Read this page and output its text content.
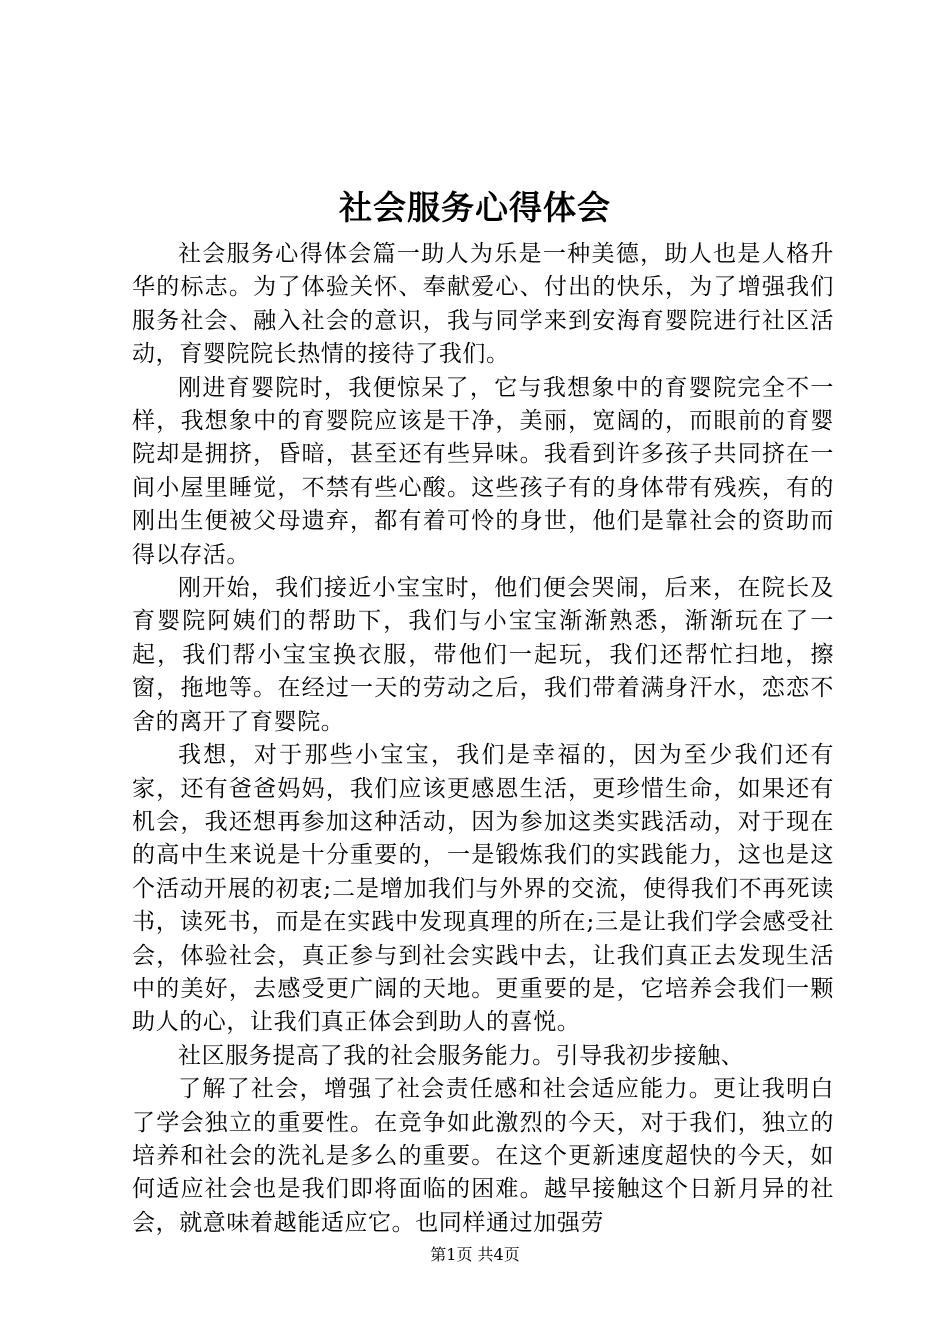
社会服务心得体会

社会服务心得体会篇一助人为乐是一种美德，助人也是人格升华的标志。为了体验关怀、奉献爱心、付出的快乐，为了增强我们服务社会、融入社会的意识，我与同学来到安海育婴院进行社区活动，育婴院院长热情的接待了我们。

刚进育婴院时，我便惊呆了，它与我想象中的育婴院完全不一样，我想象中的育婴院应该是干净，美丽，宽阔的，而眼前的育婴院却是拥挤，昏暗，甚至还有些异味。我看到许多孩子共同挤在一间小屋里睡觉，不禁有些心酸。这些孩子有的身体带有残疾，有的刚出生便被父母遗弃，都有着可怜的身世，他们是靠社会的资助而得以存活。

刚开始，我们接近小宝宝时，他们便会哭闹，后来，在院长及育婴院阿姨们的帮助下，我们与小宝宝渐渐熟悉，渐渐玩在了一起，我们帮小宝宝换衣服，带他们一起玩，我们还帮忙扫地，擦窗，拖地等。在经过一天的劳动之后，我们带着满身汗水，恋恋不舍的离开了育婴院。

我想，对于那些小宝宝，我们是幸福的，因为至少我们还有家，还有爸爸妈妈，我们应该更感恩生活，更珍惜生命，如果还有机会，我还想再参加这种活动，因为参加这类实践活动，对于现在的高中生来说是十分重要的，一是锻炼我们的实践能力，这也是这个活动开展的初衷;二是增加我们与外界的交流，使得我们不再死读书，读死书，而是在实践中发现真理的所在;三是让我们学会感受社会，体验社会，真正参与到社会实践中去，让我们真正去发现生活中的美好，去感受更广阔的天地。更重要的是，它培养会我们一颗助人的心，让我们真正体会到助人的喜悦。

社区服务提高了我的社会服务能力。引导我初步接触、

了解了社会，增强了社会责任感和社会适应能力。更让我明白了学会独立的重要性。在竞争如此激烈的今天，对于我们，独立的培养和社会的洗礼是多么的重要。在这个更新速度超快的今天，如何适应社会也是我们即将面临的困难。越早接触这个日新月异的社会，就意味着越能适应它。也同样通过加强劳

第1页 共4页
